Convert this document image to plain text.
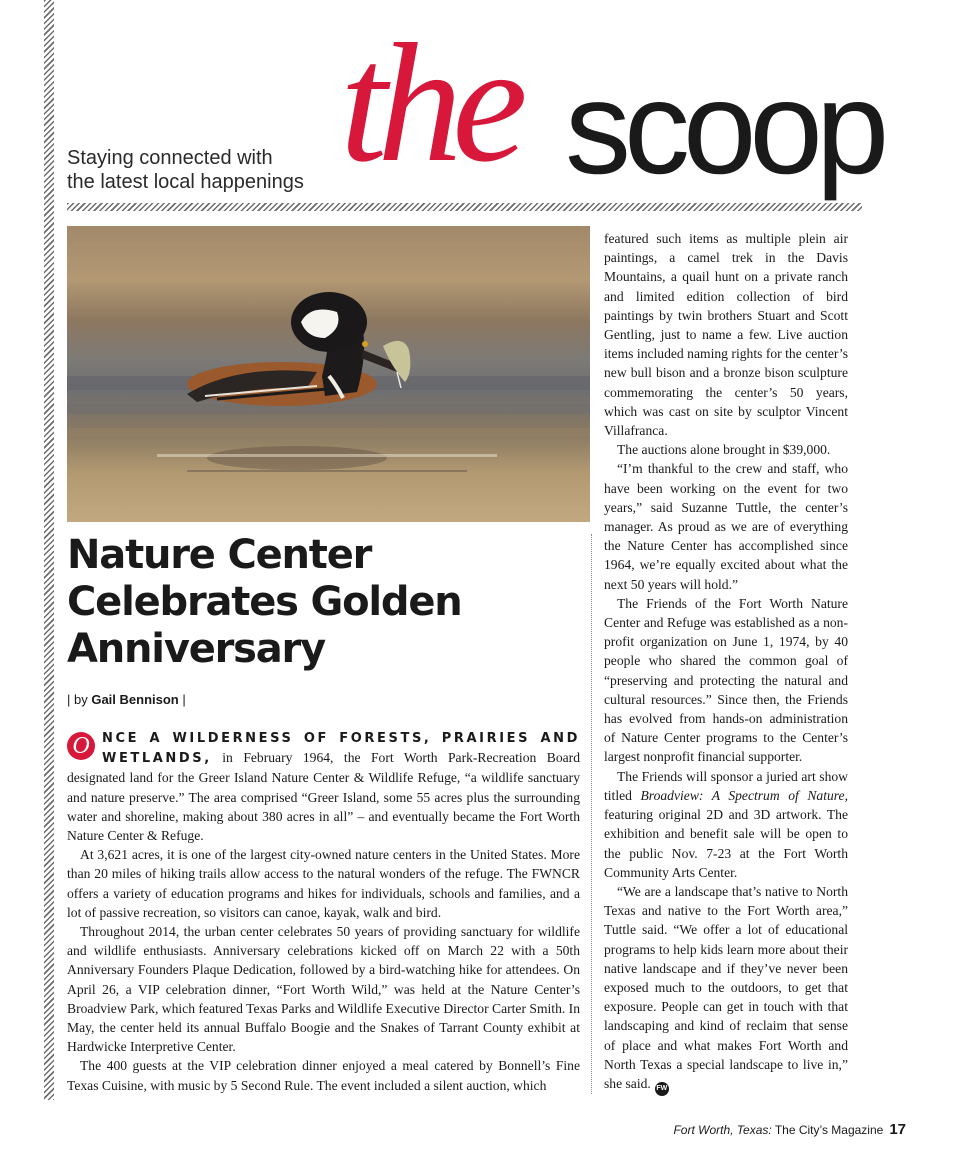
Staying connected with
the latest local happenings the scoop
Nature Center Celebrates Golden Anniversary
| by Gail Bennison |

O NCE A WILDERNESS OF FORESTS, PRAIRIES AND WETLANDS, in February 1964, the Fort Worth Park-Recreation Board designated land for the Greer Island Nature Center & Wildlife Refuge, “a wildlife sanctuary and nature preserve.” The area comprised “Greer Island, some 55 acres plus the surrounding water and shoreline, making about 380 acres in all” – and eventually became the Fort Worth Nature Center & Refuge.

At 3,621 acres, it is one of the largest city-owned nature centers in the United States. More than 20 miles of hiking trails allow access to the natural wonders of the refuge. The FWNCR offers a variety of education programs and hikes for individuals, schools and families, and a lot of passive recreation, so visitors can canoe, kayak, walk and bird.

Throughout 2014, the urban center celebrates 50 years of providing sanctuary for wildlife and wildlife enthusiasts. Anniversary celebrations kicked off on March 22 with a 50th Anniversary Founders Plaque Dedication, followed by a bird-watching hike for attendees. On April 26, a VIP celebration dinner, “Fort Worth Wild,” was held at the Nature Center’s Broadview Park, which featured Texas Parks and Wildlife Executive Director Carter Smith. In May, the center held its annual Buffalo Boogie and the Snakes of Tarrant County exhibit at Hardwicke Interpretive Center.

The 400 guests at the VIP celebration dinner enjoyed a meal catered by Bonnell’s Fine Texas Cuisine, with music by 5 Second Rule. The event included a silent auction, which

featured such items as multiple plein air paintings, a camel trek in the Davis Mountains, a quail hunt on a private ranch and limited edition collection of bird paintings by twin brothers Stuart and Scott Gentling, just to name a few. Live auction items included naming rights for the center’s new bull bison and a bronze bison sculpture commemorating the center’s 50 years, which was cast on site by sculptor Vincent Villafranca.

The auctions alone brought in $39,000.

“I’m thankful to the crew and staff, who have been working on the event for two years,” said Suzanne Tuttle, the center’s manager. As proud as we are of everything the Nature Center has accomplished since 1964, we’re equally excited about what the next 50 years will hold.”

The Friends of the Fort Worth Nature Center and Refuge was established as a non-profit organization on June 1, 1974, by 40 people who shared the common goal of “preserving and protecting the natural and cultural resources.” Since then, the Friends has evolved from hands-on administration of Nature Center programs to the Center’s largest nonprofit financial supporter.

The Friends will sponsor a juried art show titled Broadview: A Spectrum of Nature, featuring original 2D and 3D artwork. The exhibition and benefit sale will be open to the public Nov. 7-23 at the Fort Worth Community Arts Center.

“We are a landscape that’s native to North Texas and native to the Fort Worth area,” Tuttle said. “We offer a lot of educational programs to help kids learn more about their native landscape and if they’ve never been exposed much to the outdoors, to get that exposure. People can get in touch with that landscaping and kind of reclaim that sense of place and what makes Fort Worth and North Texas a special landscape to live in,” she said. FW

Fort Worth, Texas: The City’s Magazine 17
